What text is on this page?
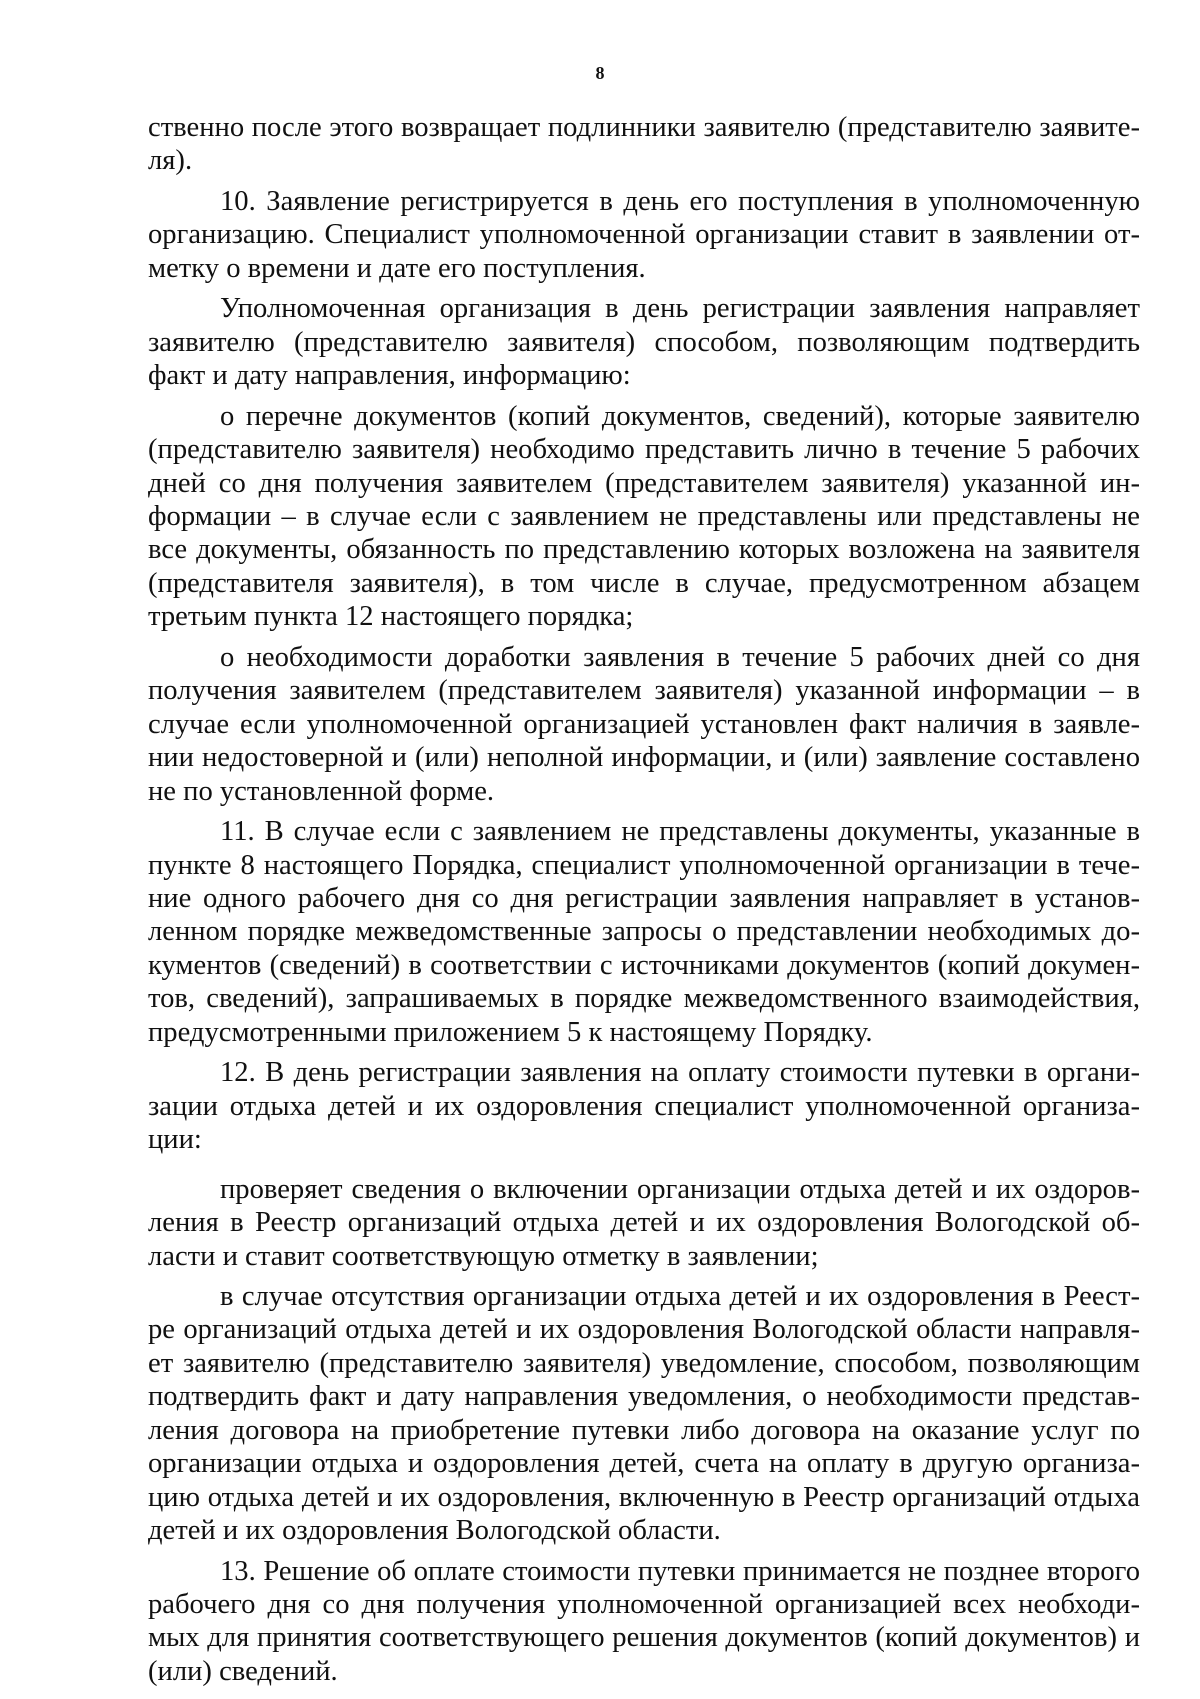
8

ственно после этого возвращает подлинники заявителю (представителю заявителя).

10. Заявление регистрируется в день его поступления в уполномоченную организацию. Специалист уполномоченной организации ставит в заявлении отметку о времени и дате его поступления.

Уполномоченная организация в день регистрации заявления направляет заявителю (представителю заявителя) способом, позволяющим подтвердить факт и дату направления, информацию:

о перечне документов (копий документов, сведений), которые заявителю (представителю заявителя) необходимо представить лично в течение 5 рабочих дней со дня получения заявителем (представителем заявителя) указанной информации – в случае если с заявлением не представлены или представлены не все документы, обязанность по представлению которых возложена на заявителя (представителя заявителя), в том числе в случае, предусмотренном абзацем третьим пункта 12 настоящего порядка;

о необходимости доработки заявления в течение 5 рабочих дней со дня получения заявителем (представителем заявителя) указанной информации – в случае если уполномоченной организацией установлен факт наличия в заявлении недостоверной и (или) неполной информации, и (или) заявление составлено не по установленной форме.

11. В случае если с заявлением не представлены документы, указанные в пункте 8 настоящего Порядка, специалист уполномоченной организации в течение одного рабочего дня со дня регистрации заявления направляет в установленном порядке межведомственные запросы о представлении необходимых документов (сведений) в соответствии с источниками документов (копий документов, сведений), запрашиваемых в порядке межведомственного взаимодействия, предусмотренными приложением 5 к настоящему Порядку.

12. В день регистрации заявления на оплату стоимости путевки в организации отдыха детей и их оздоровления специалист уполномоченной организации:

проверяет сведения о включении организации отдыха детей и их оздоровления в Реестр организаций отдыха детей и их оздоровления Вологодской области и ставит соответствующую отметку в заявлении;

в случае отсутствия организации отдыха детей и их оздоровления в Реестре организаций отдыха детей и их оздоровления Вологодской области направляет заявителю (представителю заявителя) уведомление, способом, позволяющим подтвердить факт и дату направления уведомления, о необходимости представления договора на приобретение путевки либо договора на оказание услуг по организации отдыха и оздоровления детей, счета на оплату в другую организацию отдыха детей и их оздоровления, включенную в Реестр организаций отдыха детей и их оздоровления Вологодской области.

13. Решение об оплате стоимости путевки принимается не позднее второго рабочего дня со дня получения уполномоченной организацией всех необходимых для принятия соответствующего решения документов (копий документов) и (или) сведений.
